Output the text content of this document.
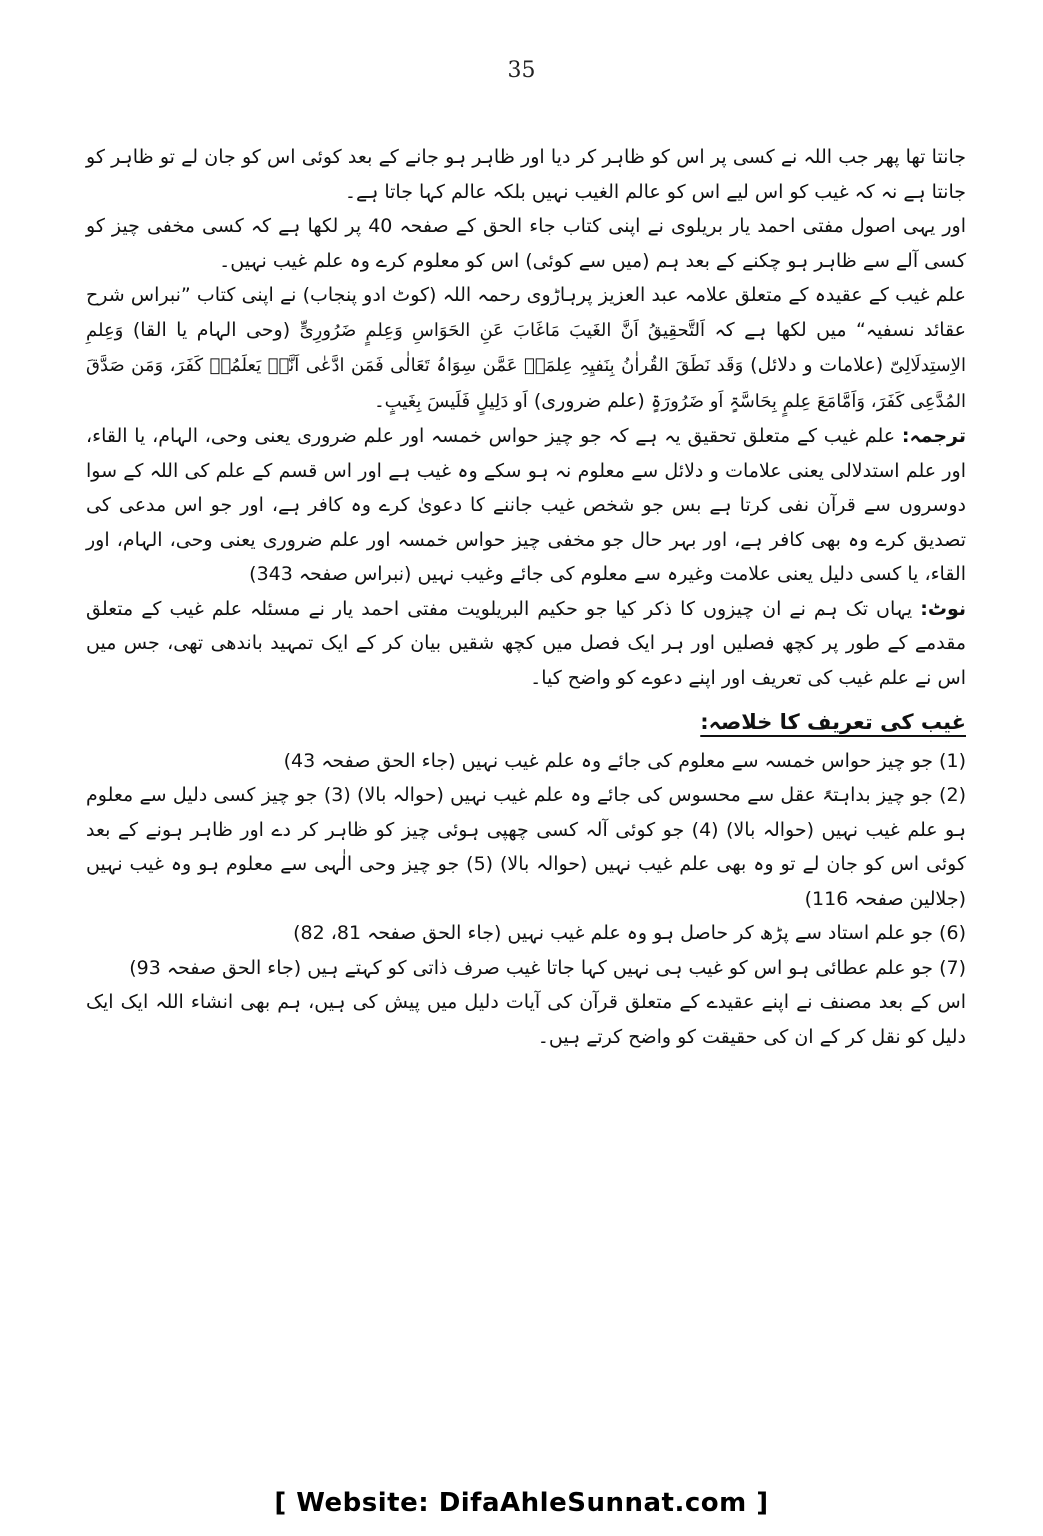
35

جانتا تھا پھر جب اللہ نے کسی پر اس کو ظاہر کر دیا اور ظاہر ہو جانے کے بعد کوئی اس کو جان لے تو ظاہر کو جانتا ہے نہ کہ غیب کو اس لیے اس کو عالم الغیب نہیں بلکہ عالم کہا جاتا ہے۔

اور یہی اصول مفتی احمد یار بریلوی نے اپنی کتاب جاء الحق کے صفحہ 40 پر لکھا ہے کہ کسی مخفی چیز کو کسی آلے سے ظاہر ہو چکنے کے بعد ہم (میں سے کوئی) اس کو معلوم کرے وہ علم غیب نہیں۔

علم غیب کے عقیدہ کے متعلق علامہ عبد العزیز پرہاڑوی رحمہ اللہ (کوٹ ادو پنجاب) نے اپنی کتاب ”نبراس شرح عقائد نسفیہ“ میں لکھا ہے کہ اَلتَّحقِیقُ اَنَّ الغَیبَ مَاغَابَ عَنِ الحَوَاسِ وَعِلمٍ ضَرُورِیٍّ (وحی الہام یا القا) وَعِلمِ الاِستِدلَالِیّ (علامات و دلائل) وَقَد نَطَقَ القُراٰنُ بِنَفیِہِ عِلمَہٗ عَمَّن سِوَاہُ تَعَالٰی فَمَن ادَّعٰی اَنَّہٗ یَعلَمُہٗ کَفَرَ، وَمَن صَدَّقَ المُدَّعِی کَفَرَ، وَاَمَّامَعَ عِلمٍ بِحَاسَّۃٍ اَو ضَرُورَۃٍ (علم ضروری) اَو دَلِیلٍ فَلَیسَ بِغَیبٍ۔

ترجمہ: علم غیب کے متعلق تحقیق یہ ہے کہ جو چیز حواس خمسہ اور علم ضروری یعنی وحی، الہام، یا القاء، اور علم استدلالی یعنی علامات و دلائل سے معلوم نہ ہو سکے وہ غیب ہے اور اس قسم کے علم کی اللہ کے سوا دوسروں سے قرآن نفی کرتا ہے بس جو شخص غیب جاننے کا دعویٰ کرے وہ کافر ہے، اور جو اس مدعی کی تصدیق کرے وہ بھی کافر ہے، اور بہر حال جو مخفی چیز حواس خمسہ اور علم ضروری یعنی وحی، الہام، اور القاء، یا کسی دلیل یعنی علامت وغیرہ سے معلوم کی جائے وغیب نہیں (نبراس صفحہ 343)

نوٹ: یہاں تک ہم نے ان چیزوں کا ذکر کیا جو حکیم البریلویت مفتی احمد یار نے مسئلہ علم غیب کے متعلق مقدمے کے طور پر کچھ فصلیں اور ہر ایک فصل میں کچھ شقیں بیان کر کے ایک تمہید باندھی تھی، جس میں اس نے علم غیب کی تعریف اور اپنے دعوے کو واضح کیا۔

غیب کی تعریف کا خلاصہ:

(1) جو چیز حواس خمسہ سے معلوم کی جائے وہ علم غیب نہیں (جاء الحق صفحہ 43)

(2) جو چیز بداہتہً عقل سے محسوس کی جائے وہ علم غیب نہیں (حوالہ بالا) (3) جو چیز کسی دلیل سے معلوم ہو علم غیب نہیں (حوالہ بالا) (4) جو کوئی آلہ کسی چھپی ہوئی چیز کو ظاہر کر دے اور ظاہر ہونے کے بعد کوئی اس کو جان لے تو وہ بھی علم غیب نہیں (حوالہ بالا) (5) جو چیز وحی الٰہی سے معلوم ہو وہ غیب نہیں (جلالین صفحہ 116)

(6) جو علم استاد سے پڑھ کر حاصل ہو وہ علم غیب نہیں (جاء الحق صفحہ 81، 82)

(7) جو علم عطائی ہو اس کو غیب ہی نہیں کہا جاتا غیب صرف ذاتی کو کہتے ہیں (جاء الحق صفحہ 93)

اس کے بعد مصنف نے اپنے عقیدے کے متعلق قرآن کی آیات دلیل میں پیش کی ہیں، ہم بھی انشاء اللہ ایک ایک دلیل کو نقل کر کے ان کی حقیقت کو واضح کرتے ہیں۔

[ Website: DifaAhleSunnat.com ]
